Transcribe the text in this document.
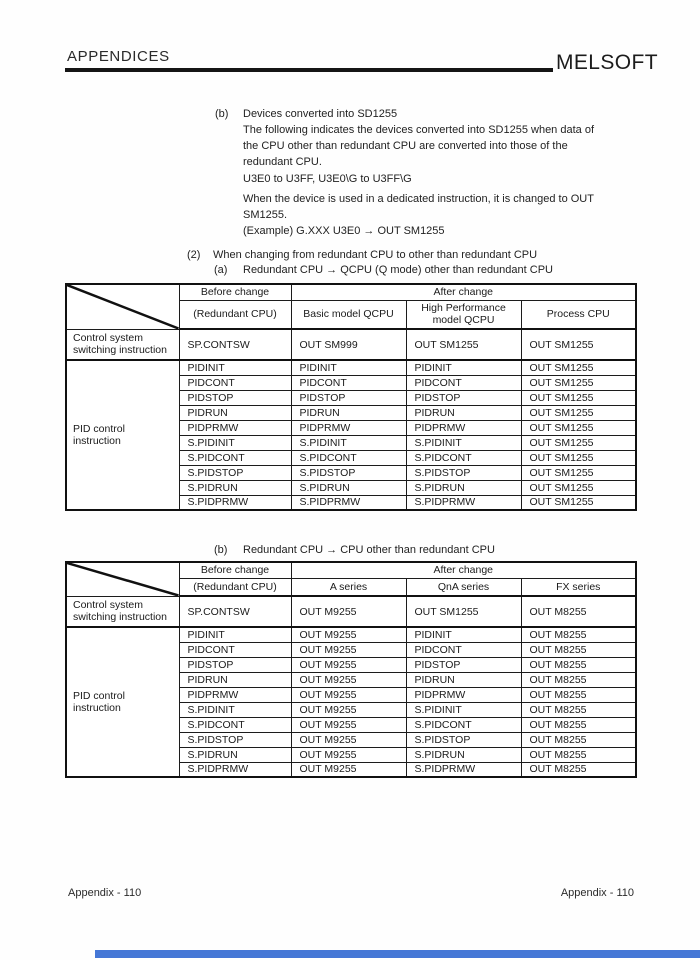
APPENDICES	MELSOFT
(b)	Devices converted into SD1255
The following indicates the devices converted into SD1255 when data of
the CPU other than redundant CPU are converted into those of the
redundant CPU.
U3E0 to U3FF, U3E0\G to U3FF\G
When the device is used in a dedicated instruction, it is changed to OUT
SM1255.
(Example) G.XXX U3E0 → OUT SM1255
(2)	When changing from redundant CPU to other than redundant CPU
(a)	Redundant CPU → QCPU (Q mode) other than redundant CPU
	Before change	After change		
	(Redundant CPU)	Basic model QCPU	High Performance model QCPU	Process CPU
Control system switching instruction	SP.CONTSW	OUT SM999	OUT SM1255	OUT SM1255
PID control instruction	PIDINIT	PIDINIT	PIDINIT	OUT SM1255
	PIDCONT	PIDCONT	PIDCONT	OUT SM1255
	PIDSTOP	PIDSTOP	PIDSTOP	OUT SM1255
	PIDRUN	PIDRUN	PIDRUN	OUT SM1255
	PIDPRMW	PIDPRMW	PIDPRMW	OUT SM1255
	S.PIDINIT	S.PIDINIT	S.PIDINIT	OUT SM1255
	S.PIDCONT	S.PIDCONT	S.PIDCONT	OUT SM1255
	S.PIDSTOP	S.PIDSTOP	S.PIDSTOP	OUT SM1255
	S.PIDRUN	S.PIDRUN	S.PIDRUN	OUT SM1255
	S.PIDPRMW	S.PIDPRMW	S.PIDPRMW	OUT SM1255
(b)	Redundant CPU → CPU other than redundant CPU
	Before change	After change		
	(Redundant CPU)	A series	QnA series	FX series
Control system switching instruction	SP.CONTSW	OUT M9255	OUT SM1255	OUT M8255
PID control instruction	PIDINIT	OUT M9255	PIDINIT	OUT M8255
	PIDCONT	OUT M9255	PIDCONT	OUT M8255
	PIDSTOP	OUT M9255	PIDSTOP	OUT M8255
	PIDRUN	OUT M9255	PIDRUN	OUT M8255
	PIDPRMW	OUT M9255	PIDPRMW	OUT M8255
	S.PIDINIT	OUT M9255	S.PIDINIT	OUT M8255
	S.PIDCONT	OUT M9255	S.PIDCONT	OUT M8255
	S.PIDSTOP	OUT M9255	S.PIDSTOP	OUT M8255
	S.PIDRUN	OUT M9255	S.PIDRUN	OUT M8255
	S.PIDPRMW	OUT M9255	S.PIDPRMW	OUT M8255
Appendix - 110	Appendix - 110
